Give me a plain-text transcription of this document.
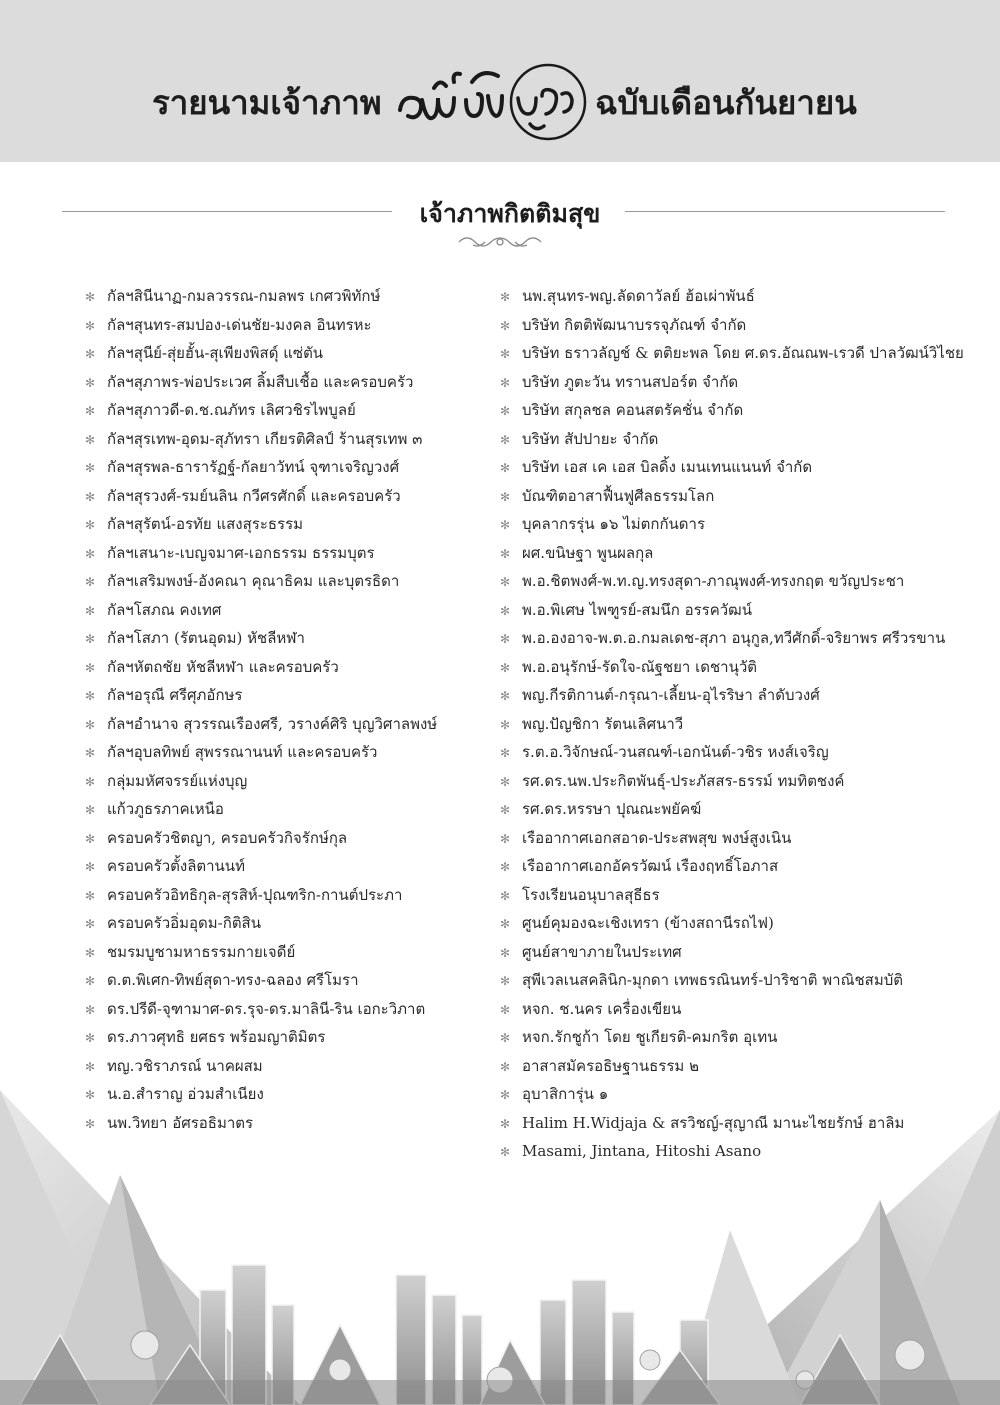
รายนามเจ้าภาพ	ฉบับเดือนกันยายน
เจ้าภาพกิตติมสุข
✻ กัลฯสินีนาฏ-กมลวรรณ-กมลพร เกศวพิทักษ์
✻ กัลฯสุนทร-สมปอง-เด่นชัย-มงคล อินทรหะ
✻ กัลฯสุนีย์-สุ่ยฮั้น-สุเพียงพิสดุ์ แซ่ตัน
✻ กัลฯสุภาพร-พ่อประเวศ ลิ้มสืบเชื้อ และครอบครัว
✻ กัลฯสุภาวดี-ด.ช.ณภัทร เลิศวชิรไพบูลย์
✻ กัลฯสุรเทพ-อุดม-สุภัทรา เกียรติศิลป์ ร้านสุรเทพ ๓
✻ กัลฯสุรพล-ธารารัฏฐ์-กัลยาวัทน์ จุฑาเจริญวงศ์
✻ กัลฯสุรวงศ์-รมย์นลิน กวีศรศักดิ์ และครอบครัว
✻ กัลฯสุรัตน์-อรทัย แสงสุระธรรม
✻ กัลฯเสนาะ-เบญจมาศ-เอกธรรม ธรรมบุตร
✻ กัลฯเสริมพงษ์-อังคณา คุณาธิคม และบุตรธิดา
✻ กัลฯโสภณ คงเทศ
✻ กัลฯโสภา (รัตนอุดม) หัชลีหฬา
✻ กัลฯหัตถชัย หัชลีหฬา และครอบครัว
✻ กัลฯอรุณี ศรีศุภอักษร
✻ กัลฯอำนาจ สุวรรณเรืองศรี, วรางค์ศิริ บุญวิศาลพงษ์
✻ กัลฯอุบลทิพย์ สุพรรณานนท์ และครอบครัว
✻ กลุ่มมหัศจรรย์แห่งบุญ
✻ แก้วภูธรภาคเหนือ
✻ ครอบครัวชิตญา, ครอบครัวกิจรักษ์กุล
✻ ครอบครัวตั้งลิตานนท์
✻ ครอบครัวอิทธิกุล-สุรสิห์-ปุณฑริก-กานต์ประภา
✻ ครอบครัวอิ่มอุดม-กิติสิน
✻ ชมรมบูชามหาธรรมกายเจดีย์
✻ ด.ต.พิเศก-ทิพย์สุดา-ทรง-ฉลอง ศรีโมรา
✻ ดร.ปรีดี-จุฑามาศ-ดร.รุจ-ดร.มาลินี-ริน เอกะวิภาต
✻ ดร.ภาวศุทธิ ยศธร พร้อมญาติมิตร
✻ ทญ.วชิราภรณ์ นาคผสม
✻ น.อ.สำราญ อ่วมสำเนียง
✻ นพ.วิทยา อัศรอธิมาตร
✻ นพ.สุนทร-พญ.ลัดดาวัลย์ ฮ้อเผ่าพันธ์
✻ บริษัท กิตติพัฒนาบรรจุภัณฑ์ จำกัด
✻ บริษัท ธราวลัญช์ & ตติยะพล โดย ศ.ดร.อัณณพ-เรวดี ปาลวัฒน์วิไชย
✻ บริษัท ภูตะวัน ทรานสปอร์ต จำกัด
✻ บริษัท สกุลชล คอนสตรัคชั่น จำกัด
✻ บริษัท สัปปายะ จำกัด
✻ บริษัท เอส เค เอส บิลดิ้ง เมนเทนแนนท์ จำกัด
✻ บัณฑิตอาสาฟื้นฟูศีลธรรมโลก
✻ บุคลากรรุ่น ๑๖ ไม่ตกกันดาร
✻ ผศ.ขนิษฐา พูนผลกุล
✻ พ.อ.ชิตพงศ์-พ.ท.ญ.ทรงสุดา-ภาณุพงศ์-ทรงกฤต ขวัญประชา
✻ พ.อ.พิเศษ ไพฑูรย์-สมนึก อรรควัฒน์
✻ พ.อ.องอาจ-พ.ต.อ.กมลเดช-สุภา อนุกูล,ทวีศักดิ์-จริยาพร ศรีวรขาน
✻ พ.อ.อนุรักษ์-รัดใจ-ณัฐชยา เดชานุวัติ
✻ พญ.กีรติกานต์-กรุณา-เลี้ยน-อุไรริษา ลำดับวงศ์
✻ พญ.ปัญชิกา รัตนเลิศนาวี
✻ ร.ต.อ.วิจักษณ์-วนสณฑ์-เอกนันต์-วชิร หงส์เจริญ
✻ รศ.ดร.นพ.ประกิตพันธุ์-ประภัสสร-ธรรม์ ทมทิตชงค์
✻ รศ.ดร.หรรษา ปุณณะพยัคฆ์
✻ เรืออากาศเอกสอาด-ประสพสุข พงษ์สูงเนิน
✻ เรืออากาศเอกอัครวัฒน์ เรืองฤทธิ์โอภาส
✻ โรงเรียนอนุบาลสุธีธร
✻ ศูนย์คุมองฉะเชิงเทรา (ข้างสถานีรถไฟ)
✻ ศูนย์สาขาภายในประเทศ
✻ สุพีเวลเนสคลินิก-มุกดา เทพธรณินทร์-ปาริชาติ พาณิชสมบัติ
✻ หจก. ช.นคร เครื่องเขียน
✻ หจก.รักชูก้า โดย ชูเกียรติ-คมกริต อุเทน
✻ อาสาสมัครอธิษฐานธรรม ๒
✻ อุบาสิการุ่น ๑
✻ Halim H.Widjaja & สรวิชญ์-สุญาณี มานะไชยรักษ์ ฮาลิม
✻ Masami, Jintana, Hitoshi Asano
